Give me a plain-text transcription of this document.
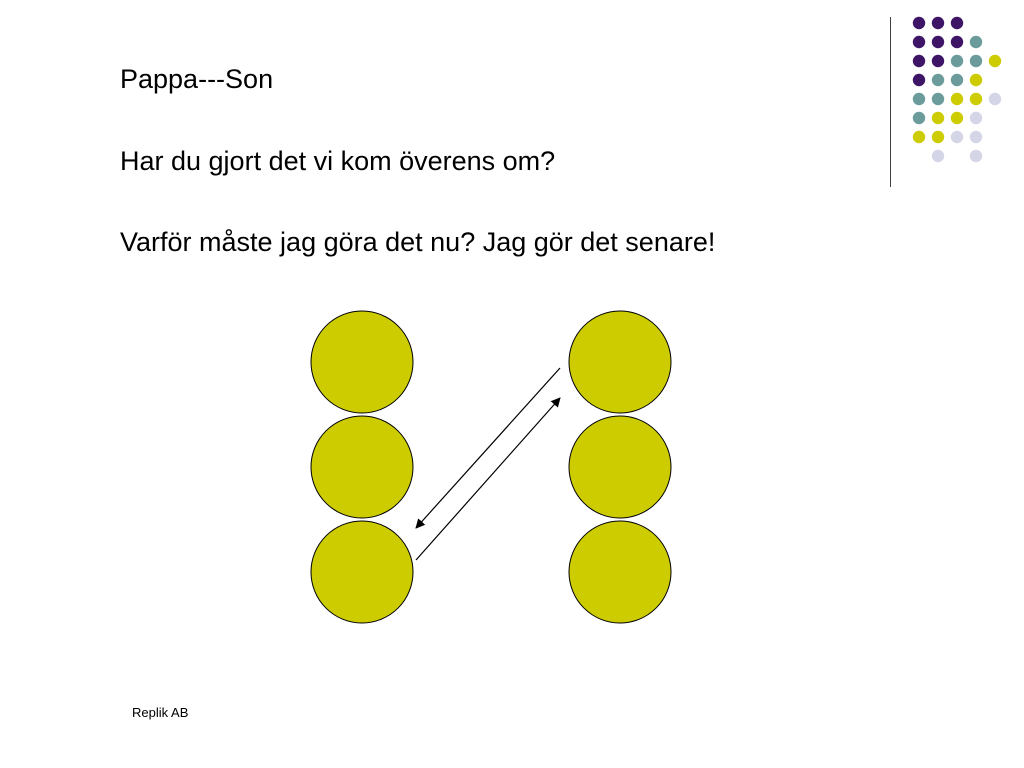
Pappa---Son
Har du gjort det vi kom överens om?
Varför måste jag göra det nu? Jag gör det senare!
Replik AB
